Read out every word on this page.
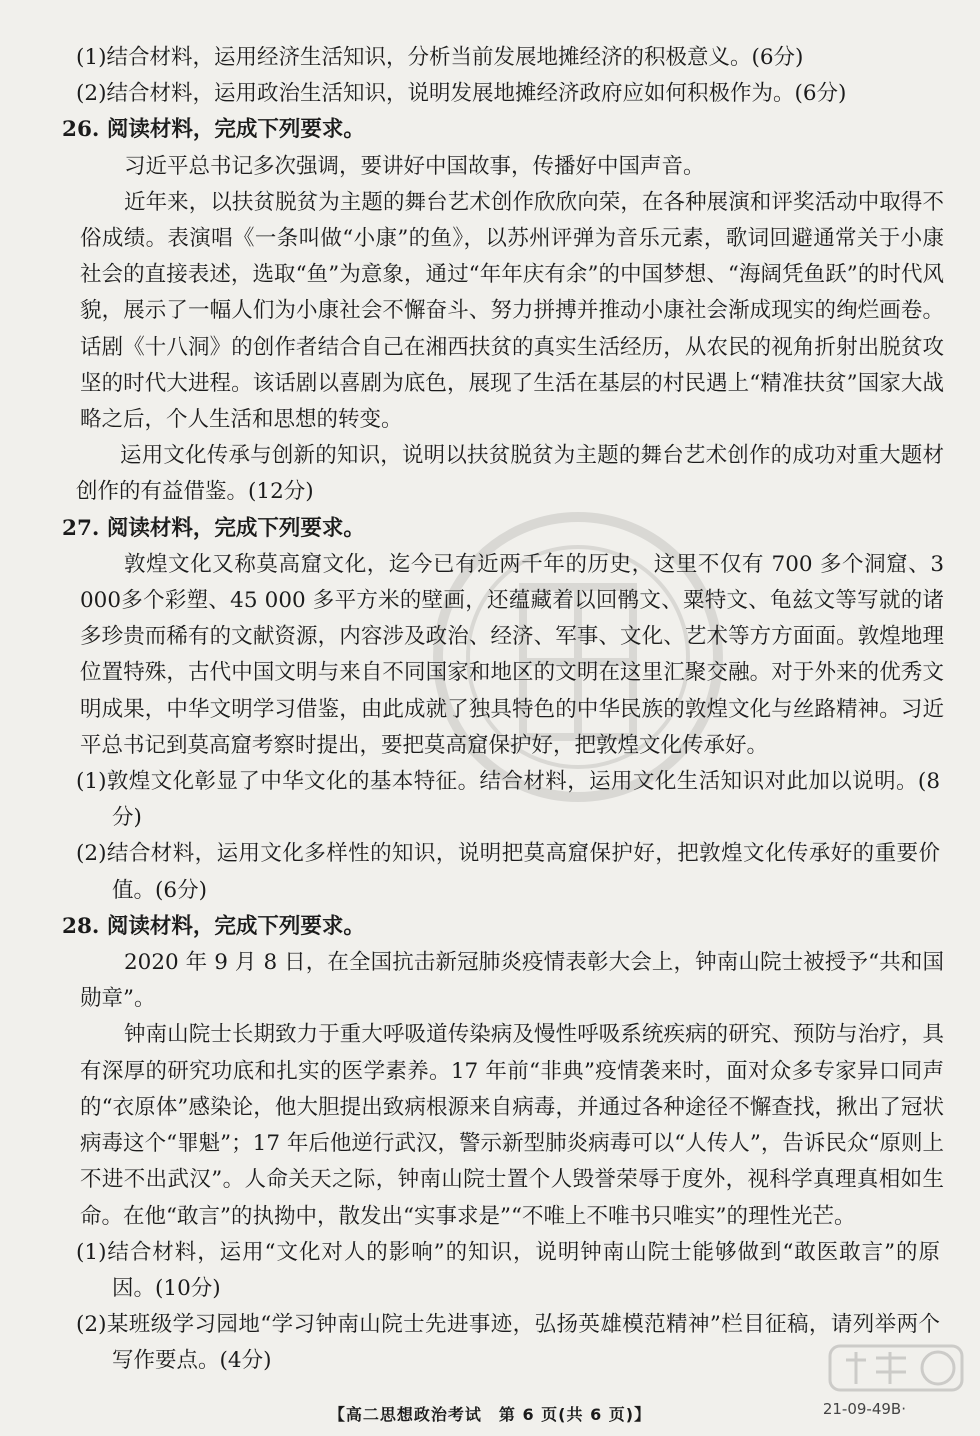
(1)结合材料，运用经济生活知识，分析当前发展地摊经济的积极意义。(6分)

(2)结合材料，运用政治生活知识，说明发展地摊经济政府应如何积极作为。(6分)

26. 阅读材料，完成下列要求。

习近平总书记多次强调，要讲好中国故事，传播好中国声音。

近年来，以扶贫脱贫为主题的舞台艺术创作欣欣向荣，在各种展演和评奖活动中取得不俗成绩。表演唱《一条叫做“小康”的鱼》，以苏州评弹为音乐元素，歌词回避通常关于小康社会的直接表述，选取“鱼”为意象，通过“年年庆有余”的中国梦想、“海阔凭鱼跃”的时代风貌，展示了一幅人们为小康社会不懈奋斗、努力拼搏并推动小康社会渐成现实的绚烂画卷。话剧《十八洞》的创作者结合自己在湘西扶贫的真实生活经历，从农民的视角折射出脱贫攻坚的时代大进程。该话剧以喜剧为底色，展现了生活在基层的村民遇上“精准扶贫”国家大战略之后，个人生活和思想的转变。

运用文化传承与创新的知识，说明以扶贫脱贫为主题的舞台艺术创作的成功对重大题材创作的有益借鉴。(12分)

27. 阅读材料，完成下列要求。

敦煌文化又称莫高窟文化，迄今已有近两千年的历史，这里不仅有 700 多个洞窟、3 000多个彩塑、45 000 多平方米的壁画，还蕴藏着以回鹘文、粟特文、龟兹文等写就的诸多珍贵而稀有的文献资源，内容涉及政治、经济、军事、文化、艺术等方方面面。敦煌地理位置特殊，古代中国文明与来自不同国家和地区的文明在这里汇聚交融。对于外来的优秀文明成果，中华文明学习借鉴，由此成就了独具特色的中华民族的敦煌文化与丝路精神。习近平总书记到莫高窟考察时提出，要把莫高窟保护好，把敦煌文化传承好。

(1)敦煌文化彰显了中华文化的基本特征。结合材料，运用文化生活知识对此加以说明。(8分)

(2)结合材料，运用文化多样性的知识，说明把莫高窟保护好，把敦煌文化传承好的重要价值。(6分)

28. 阅读材料，完成下列要求。

2020 年 9 月 8 日，在全国抗击新冠肺炎疫情表彰大会上，钟南山院士被授予“共和国勋章”。

钟南山院士长期致力于重大呼吸道传染病及慢性呼吸系统疾病的研究、预防与治疗，具有深厚的研究功底和扎实的医学素养。17 年前“非典”疫情袭来时，面对众多专家异口同声的“衣原体”感染论，他大胆提出致病根源来自病毒，并通过各种途径不懈查找，揪出了冠状病毒这个“罪魁”；17 年后他逆行武汉，警示新型肺炎病毒可以“人传人”，告诉民众“原则上不进不出武汉”。人命关天之际，钟南山院士置个人毁誉荣辱于度外，视科学真理真相如生命。在他“敢言”的执拗中，散发出“实事求是”“不唯上不唯书只唯实”的理性光芒。

(1)结合材料，运用“文化对人的影响”的知识，说明钟南山院士能够做到“敢医敢言”的原因。(10分)

(2)某班级学习园地“学习钟南山院士先进事迹，弘扬英雄模范精神”栏目征稿，请列举两个写作要点。(4分)

【高二思想政治考试　第 6 页(共 6 页)】	21-09-49B·
